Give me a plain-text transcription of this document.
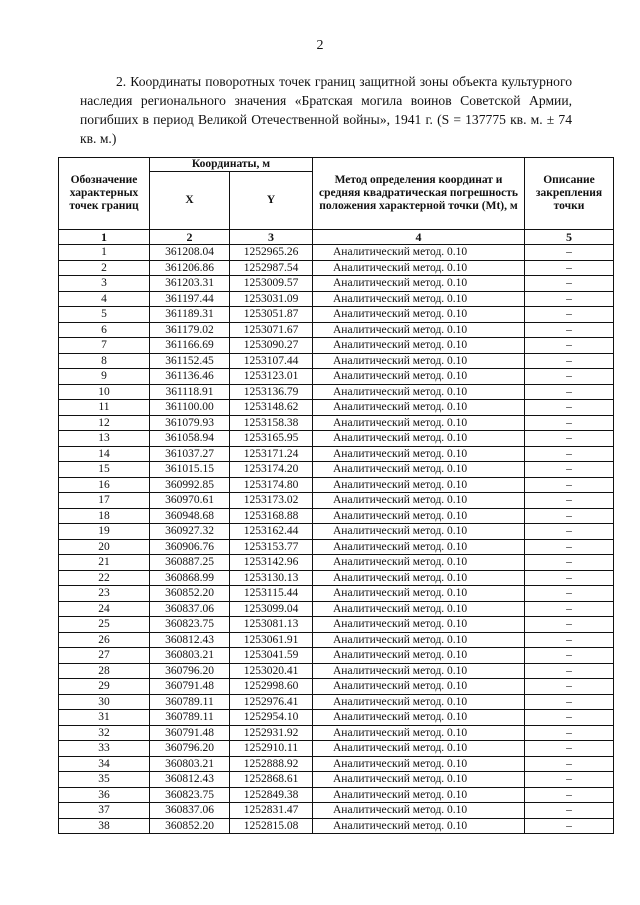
2
2. Координаты поворотных точек границ защитной зоны объекта культурного наследия регионального значения «Братская могила воинов Советской Армии, погибших в период Великой Отечественной войны», 1941 г. (S = 137775 кв. м. ± 74 кв. м.)
Обозначение характерных точек границ	Координаты, м		Метод определения координат и средняя квадратическая погрешность положения характерной точки (Mt), м	Описание закрепления точки
	X	Y		
1	2	3	4	5
1	361208.04	1252965.26	Аналитический метод. 0.10	–
2	361206.86	1252987.54	Аналитический метод. 0.10	–
3	361203.31	1253009.57	Аналитический метод. 0.10	–
4	361197.44	1253031.09	Аналитический метод. 0.10	–
5	361189.31	1253051.87	Аналитический метод. 0.10	–
6	361179.02	1253071.67	Аналитический метод. 0.10	–
7	361166.69	1253090.27	Аналитический метод. 0.10	–
8	361152.45	1253107.44	Аналитический метод. 0.10	–
9	361136.46	1253123.01	Аналитический метод. 0.10	–
10	361118.91	1253136.79	Аналитический метод. 0.10	–
11	361100.00	1253148.62	Аналитический метод. 0.10	–
12	361079.93	1253158.38	Аналитический метод. 0.10	–
13	361058.94	1253165.95	Аналитический метод. 0.10	–
14	361037.27	1253171.24	Аналитический метод. 0.10	–
15	361015.15	1253174.20	Аналитический метод. 0.10	–
16	360992.85	1253174.80	Аналитический метод. 0.10	–
17	360970.61	1253173.02	Аналитический метод. 0.10	–
18	360948.68	1253168.88	Аналитический метод. 0.10	–
19	360927.32	1253162.44	Аналитический метод. 0.10	–
20	360906.76	1253153.77	Аналитический метод. 0.10	–
21	360887.25	1253142.96	Аналитический метод. 0.10	–
22	360868.99	1253130.13	Аналитический метод. 0.10	–
23	360852.20	1253115.44	Аналитический метод. 0.10	–
24	360837.06	1253099.04	Аналитический метод. 0.10	–
25	360823.75	1253081.13	Аналитический метод. 0.10	–
26	360812.43	1253061.91	Аналитический метод. 0.10	–
27	360803.21	1253041.59	Аналитический метод. 0.10	–
28	360796.20	1253020.41	Аналитический метод. 0.10	–
29	360791.48	1252998.60	Аналитический метод. 0.10	–
30	360789.11	1252976.41	Аналитический метод. 0.10	–
31	360789.11	1252954.10	Аналитический метод. 0.10	–
32	360791.48	1252931.92	Аналитический метод. 0.10	–
33	360796.20	1252910.11	Аналитический метод. 0.10	–
34	360803.21	1252888.92	Аналитический метод. 0.10	–
35	360812.43	1252868.61	Аналитический метод. 0.10	–
36	360823.75	1252849.38	Аналитический метод. 0.10	–
37	360837.06	1252831.47	Аналитический метод. 0.10	–
38	360852.20	1252815.08	Аналитический метод. 0.10	–
